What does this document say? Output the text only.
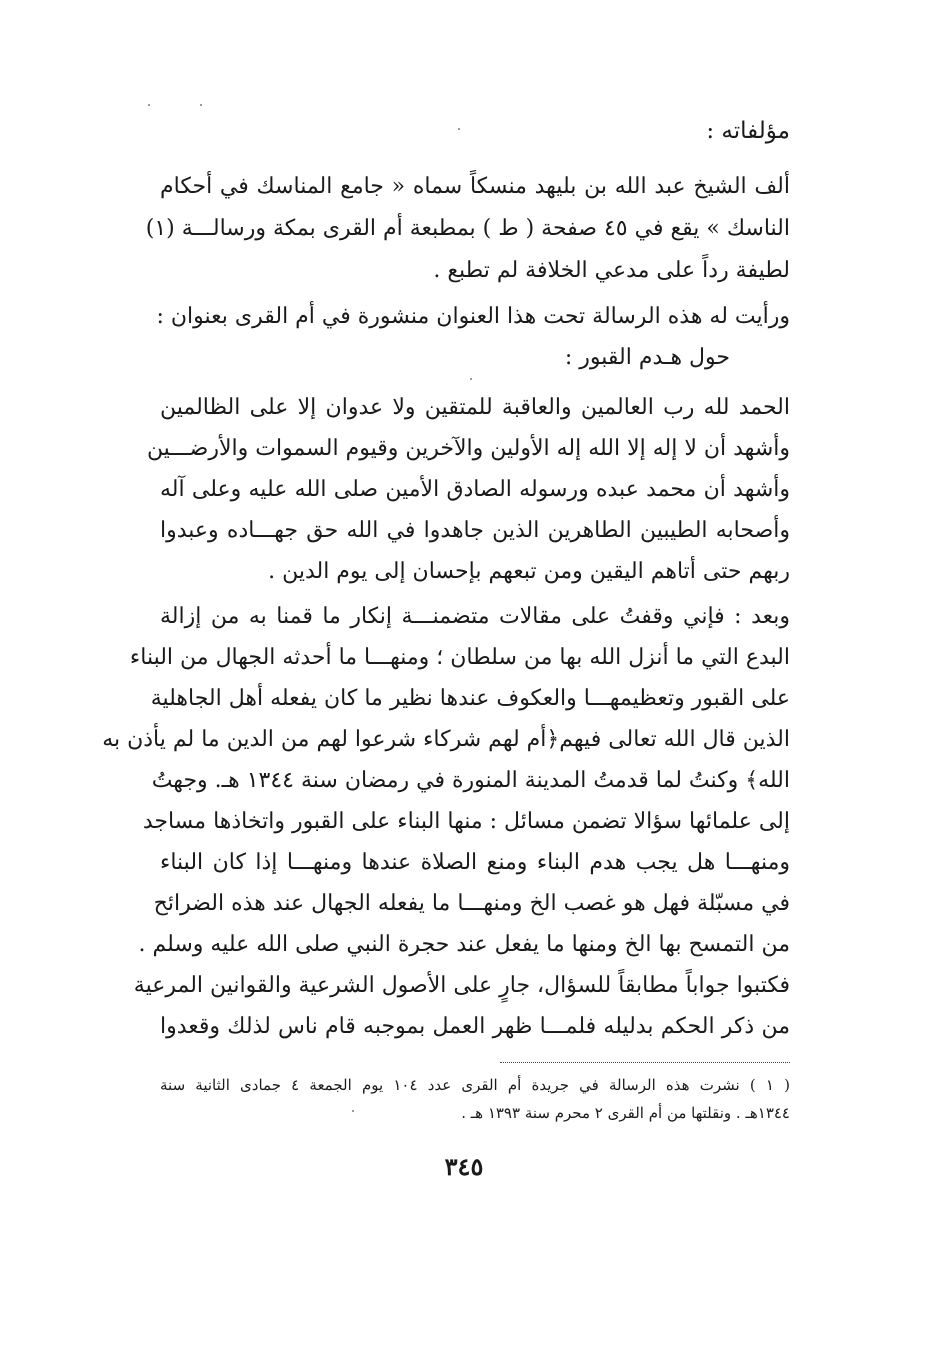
مؤلفاته :
ألف الشيخ عبد الله بن بليهد منسكاً سماه « جامع المناسك في أحكام
الناسك » يقع في ٤٥ صفحة ( ط ) بمطبعة أم القرى بمكة ورسالـــة (١)
لطيفة رداً على مدعي الخلافة لم تطبع .
ورأيت له هذه الرسالة تحت هذا العنوان منشورة في أم القرى بعنوان :
حول هـدم القبور :
الحمد لله رب العالمين والعاقبة للمتقين ولا عدوان إلا على الظالمين
وأشهد أن لا إله إلا الله إله الأولين والآخرين وقيوم السموات والأرضـــين
وأشهد أن محمد عبده ورسوله الصادق الأمين صلى الله عليه وعلى آله
وأصحابه الطيبين الطاهرين الذين جاهدوا في الله حق جهـــاده وعبدوا
ربهم حتى أتاهم اليقين ومن تبعهم بإحسان إلى يوم الدين .
وبعد : فإني وقفتُ على مقالات متضمنـــة إنكار ما قمنا به من إزالة
البدع التي ما أنزل الله بها من سلطان ؛ ومنهـــا ما أحدثه الجهال من البناء
على القبور وتعظيمهـــا والعكوف عندها نظير ما كان يفعله أهل الجاهلية
الذين قال الله تعالى فيهم﴿أم لهم شركاء شرعوا لهم من الدين ما لم يأذن به
الله﴾ وكنتُ لما قدمتُ المدينة المنورة في رمضان سنة ١٣٤٤ هـ. وجهتُ
إلى علمائها سؤالا تضمن مسائل : منها البناء على القبور واتخاذها مساجد
ومنهـــا هل يجب هدم البناء ومنع الصلاة عندها ومنهـــا إذا كان البناء
في مسبّلة فهل هو غصب الخ ومنهـــا ما يفعله الجهال عند هذه الضرائح
من التمسح بها الخ ومنها ما يفعل عند حجرة النبي صلى الله عليه وسلم .
فكتبوا جواباً مطابقاً للسؤال، جارٍ على الأصول الشرعية والقوانين المرعية
من ذكر الحكم بدليله فلمـــا ظهر العمل بموجبه قام ناس لذلك وقعدوا
( ١ ) نشرت هذه الرسالة في جريدة أم القرى عدد ١٠٤ يوم الجمعة ٤ جمادى الثانية سنة
١٣٤٤هـ . ونقلتها من أم القرى ٢ محرم سنة ١٣٩٣ هـ .
٣٤٥
